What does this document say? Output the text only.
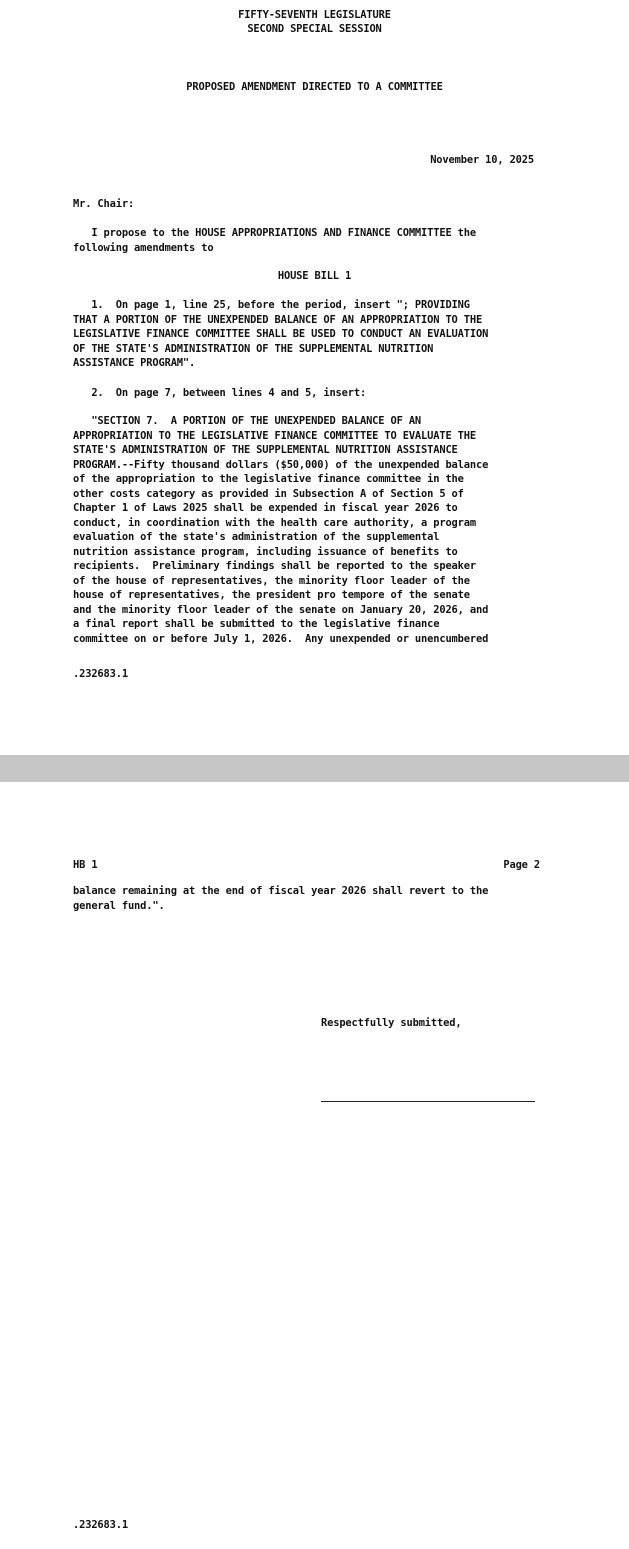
FIFTY-SEVENTH LEGISLATURE
SECOND SPECIAL SESSION
PROPOSED AMENDMENT DIRECTED TO A COMMITTEE
November 10, 2025
Mr. Chair:
I propose to the HOUSE APPROPRIATIONS AND FINANCE COMMITTEE the
following amendments to
HOUSE BILL 1
1.  On page 1, line 25, before the period, insert "; PROVIDING
THAT A PORTION OF THE UNEXPENDED BALANCE OF AN APPROPRIATION TO THE
LEGISLATIVE FINANCE COMMITTEE SHALL BE USED TO CONDUCT AN EVALUATION
OF THE STATE'S ADMINISTRATION OF THE SUPPLEMENTAL NUTRITION
ASSISTANCE PROGRAM".
2.  On page 7, between lines 4 and 5, insert:
"SECTION 7.  A PORTION OF THE UNEXPENDED BALANCE OF AN
APPROPRIATION TO THE LEGISLATIVE FINANCE COMMITTEE TO EVALUATE THE
STATE'S ADMINISTRATION OF THE SUPPLEMENTAL NUTRITION ASSISTANCE
PROGRAM.--Fifty thousand dollars ($50,000) of the unexpended balance
of the appropriation to the legislative finance committee in the
other costs category as provided in Subsection A of Section 5 of
Chapter 1 of Laws 2025 shall be expended in fiscal year 2026 to
conduct, in coordination with the health care authority, a program
evaluation of the state's administration of the supplemental
nutrition assistance program, including issuance of benefits to
recipients.  Preliminary findings shall be reported to the speaker
of the house of representatives, the minority floor leader of the
house of representatives, the president pro tempore of the senate
and the minority floor leader of the senate on January 20, 2026, and
a final report shall be submitted to the legislative finance
committee on or before July 1, 2026.  Any unexpended or unencumbered
.232683.1
HB 1	Page 2
balance remaining at the end of fiscal year 2026 shall revert to the
general fund.".
Respectfully submitted,
.232683.1
